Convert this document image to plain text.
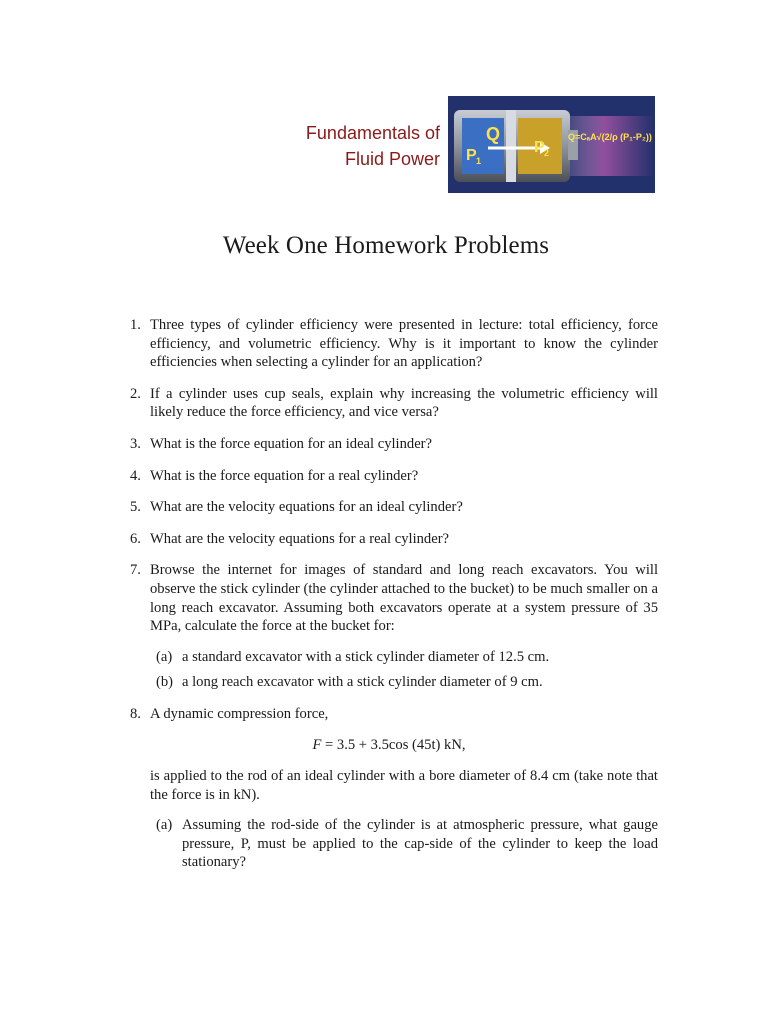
Fundamentals of
Fluid Power
Q
P 1
P 2
Q=CₐA√(2/ρ (P₁-P₂))
Week One Homework Problems
1. Three types of cylinder efficiency were presented in lecture: total efficiency, force efficiency, and volumetric efficiency. Why is it important to know the cylinder efficiencies when selecting a cylinder for an application?
2. If a cylinder uses cup seals, explain why increasing the volumetric efficiency will likely reduce the force efficiency, and vice versa?
3. What is the force equation for an ideal cylinder?
4. What is the force equation for a real cylinder?
5. What are the velocity equations for an ideal cylinder?
6. What are the velocity equations for a real cylinder?
7. Browse the internet for images of standard and long reach excavators. You will observe the stick cylinder (the cylinder attached to the bucket) to be much smaller on a long reach excavator. Assuming both excavators operate at a system pressure of 35 MPa, calculate the force at the bucket for:
(a) a standard excavator with a stick cylinder diameter of 12.5 cm.
(b) a long reach excavator with a stick cylinder diameter of 9 cm.
8. A dynamic compression force,
F = 3.5 + 3.5cos (45t) kN,
is applied to the rod of an ideal cylinder with a bore diameter of 8.4 cm (take note that the force is in kN).
(a) Assuming the rod-side of the cylinder is at atmospheric pressure, what gauge pressure, P, must be applied to the cap-side of the cylinder to keep the load stationary?
